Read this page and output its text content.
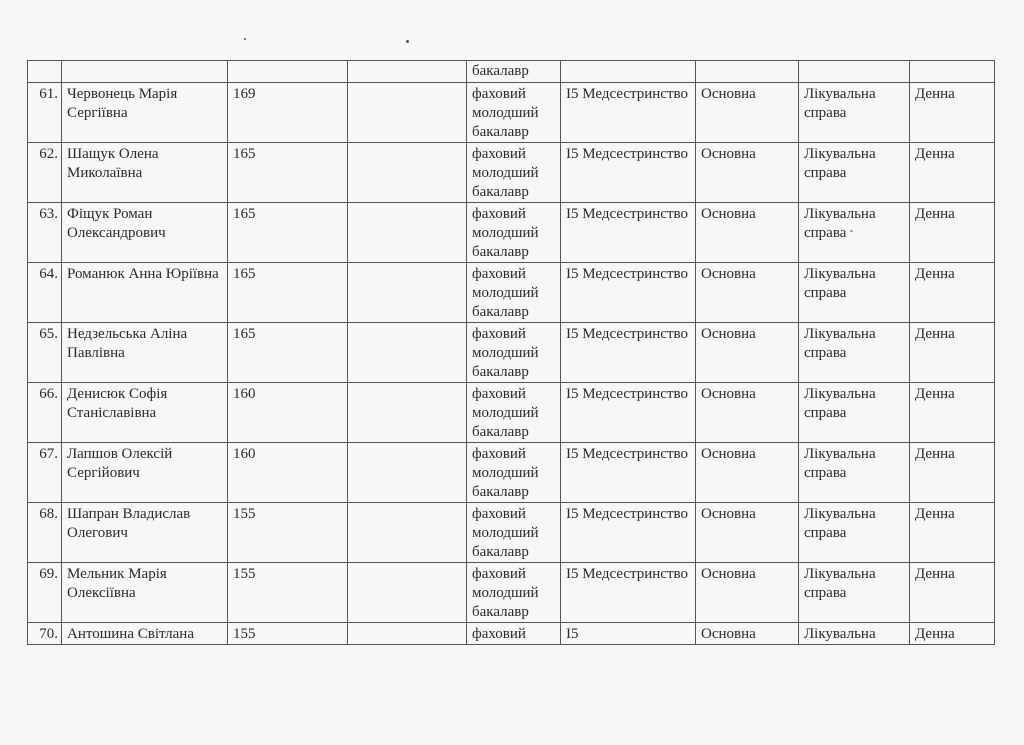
				бакалавр				
61.	Червонець Марія Сергіївна	169		фаховий молодший бакалавр	I5 Медсестринство	Основна	Лікувальна справа	Денна
62.	Шащук Олена Миколаївна	165		фаховий молодший бакалавр	I5 Медсестринство	Основна	Лікувальна справа	Денна
63.	Фіщук Роман Олександрович	165		фаховий молодший бакалавр	I5 Медсестринство	Основна	Лікувальна справа	Денна
64.	Романюк Анна Юріївна	165		фаховий молодший бакалавр	I5 Медсестринство	Основна	Лікувальна справа	Денна
65.	Недзельська Аліна Павлівна	165		фаховий молодший бакалавр	I5 Медсестринство	Основна	Лікувальна справа	Денна
66.	Денисюк Софія Станіславівна	160		фаховий молодший бакалавр	I5 Медсестринство	Основна	Лікувальна справа	Денна
67.	Лапшов Олексій Сергійович	160		фаховий молодший бакалавр	I5 Медсестринство	Основна	Лікувальна справа	Денна
68.	Шапран Владислав Олегович	155		фаховий молодший бакалавр	I5 Медсестринство	Основна	Лікувальна справа	Денна
69.	Мельник Марія Олексіївна	155		фаховий молодший бакалавр	I5 Медсестринство	Основна	Лікувальна справа	Денна
70.	Антошина Світлана	155		фаховий	I5	Основна	Лікувальна	Денна
